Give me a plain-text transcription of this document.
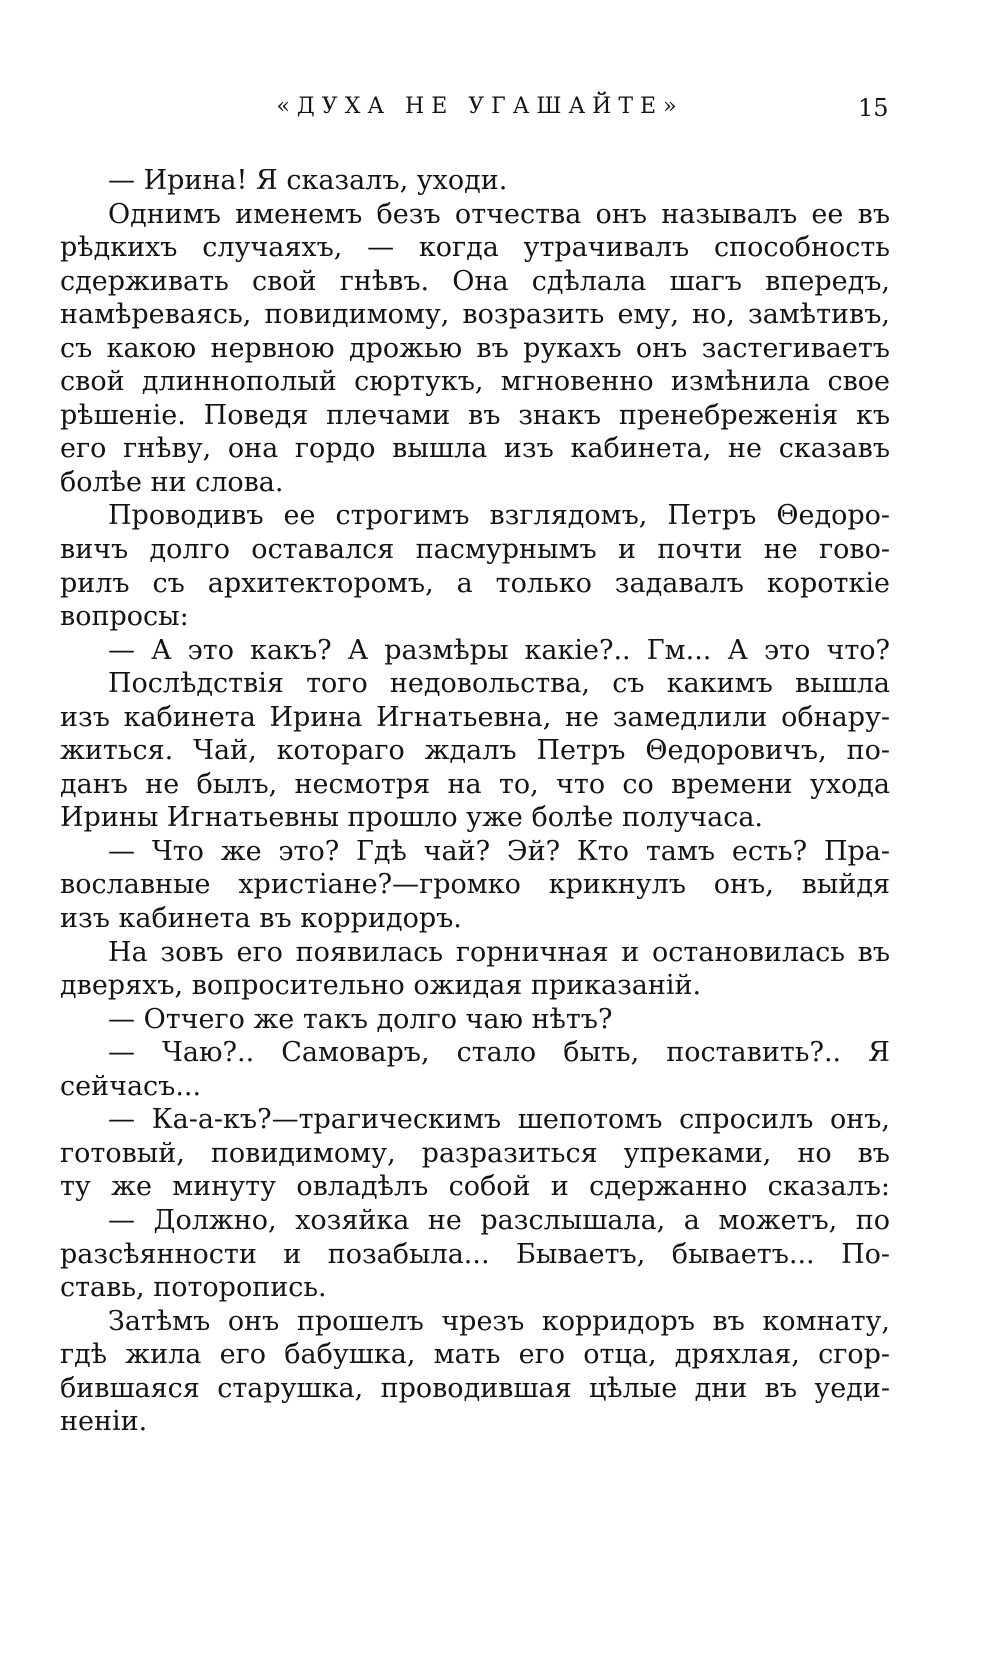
«ДУХА НЕ УГАШАЙТЕ»	15
— Ирина! Я сказалъ, уходи.
Однимъ именемъ безъ отчества онъ называлъ ее въ
рѣдкихъ случаяхъ, — когда утрачивалъ способность
сдерживать свой гнѣвъ. Она сдѣлала шагъ впередъ,
намѣреваясь, повидимому, возразить ему, но, замѣтивъ,
съ какою нервною дрожью въ рукахъ онъ застегиваетъ
свой длиннополый сюртукъ, мгновенно измѣнила свое
рѣшеніе. Поведя плечами въ знакъ пренебреженія къ
его гнѣву, она гордо вышла изъ кабинета, не сказавъ
болѣе ни слова.
Проводивъ ее строгимъ взглядомъ, Петръ Θедоро-
вичъ долго оставался пасмурнымъ и почти не гово-
рилъ съ архитекторомъ, а только задавалъ короткіе
вопросы:
— А это какъ? А размѣры какіе?.. Гм... А это что?
Послѣдствія того недовольства, съ какимъ вышла
изъ кабинета Ирина Игнатьевна, не замедлили обнару-
житься. Чай, котораго ждалъ Петръ Θедоровичъ, по-
данъ не былъ, несмотря на то, что со времени ухода
Ирины Игнатьевны прошло уже болѣе получаса.
— Что же это? Гдѣ чай? Эй? Кто тамъ есть? Пра-
вославные христіане?—громко крикнулъ онъ, выйдя
изъ кабинета въ корридоръ.
На зовъ его появилась горничная и остановилась въ
дверяхъ, вопросительно ожидая приказаній.
— Отчего же такъ долго чаю нѣтъ?
— Чаю?.. Самоваръ, стало быть, поставить?.. Я
сейчасъ...
— Ка-а-къ?—трагическимъ шепотомъ спросилъ онъ,
готовый, повидимому, разразиться упреками, но въ
ту же минуту овладѣлъ собой и сдержанно сказалъ:
— Должно, хозяйка не разслышала, а можетъ, по
разсѣянности и позабыла... Бываетъ, бываетъ... По-
ставь, поторопись.
Затѣмъ онъ прошелъ чрезъ корридоръ въ комнату,
гдѣ жила его бабушка, мать его отца, дряхлая, сгор-
бившаяся старушка, проводившая цѣлые дни въ уеди-
неніи.
